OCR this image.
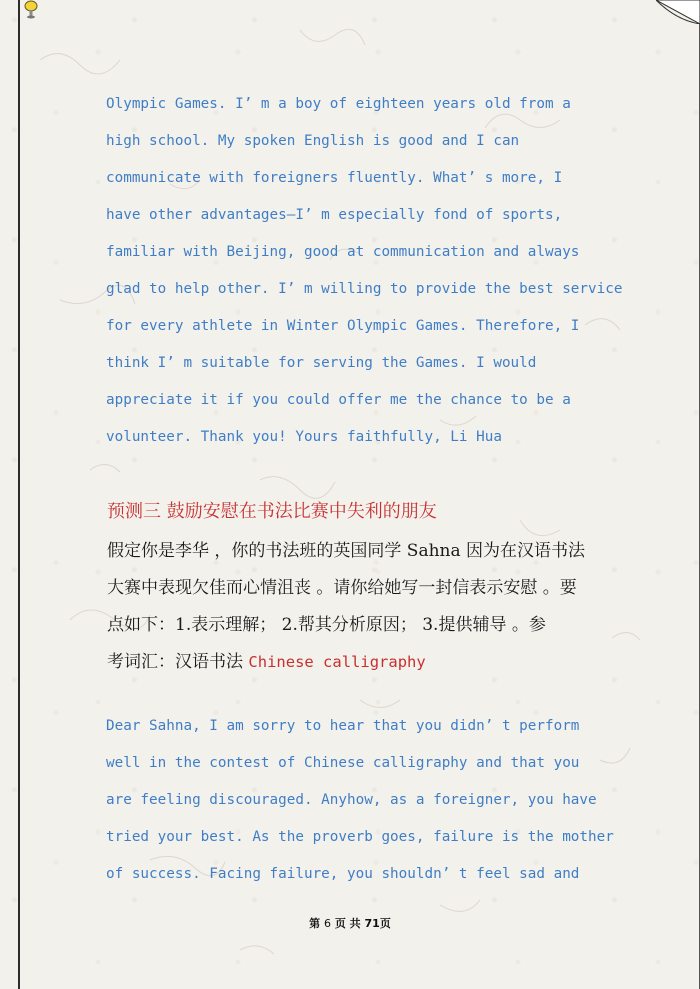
Olympic Games. I’ m a boy of eighteen years old from a
high school. My spoken English is good and I can
communicate with foreigners fluently. What’ s more, I
have other advantages—I’ m especially fond of sports,
familiar with Beijing, good at communication and always
glad to help other. I’ m willing to provide the best service
for every athlete in Winter Olympic Games. Therefore, I
think I’ m suitable for serving the Games. I would
appreciate it if you could offer me the chance to be a
volunteer. Thank you! Yours faithfully, Li Hua
预测三 鼓励安慰在书法比赛中失利的朋友
假定你是李华 ，你的书法班的英国同学 Sahna 因为在汉语书法
大赛中表现欠佳而心情沮丧 。请你给她写一封信表示安慰 。要
点如下：1.表示理解； 2.帮其分析原因； 3.提供辅导 。参
考词汇：汉语书法 Chinese calligraphy
Dear Sahna, I am sorry to hear that you didn’ t perform
well in the contest of Chinese calligraphy and that you
are feeling discouraged. Anyhow, as a foreigner, you have
tried your best. As the proverb goes, failure is the mother
of success. Facing failure, you shouldn’ t feel sad and
第 6 页 共 71页
